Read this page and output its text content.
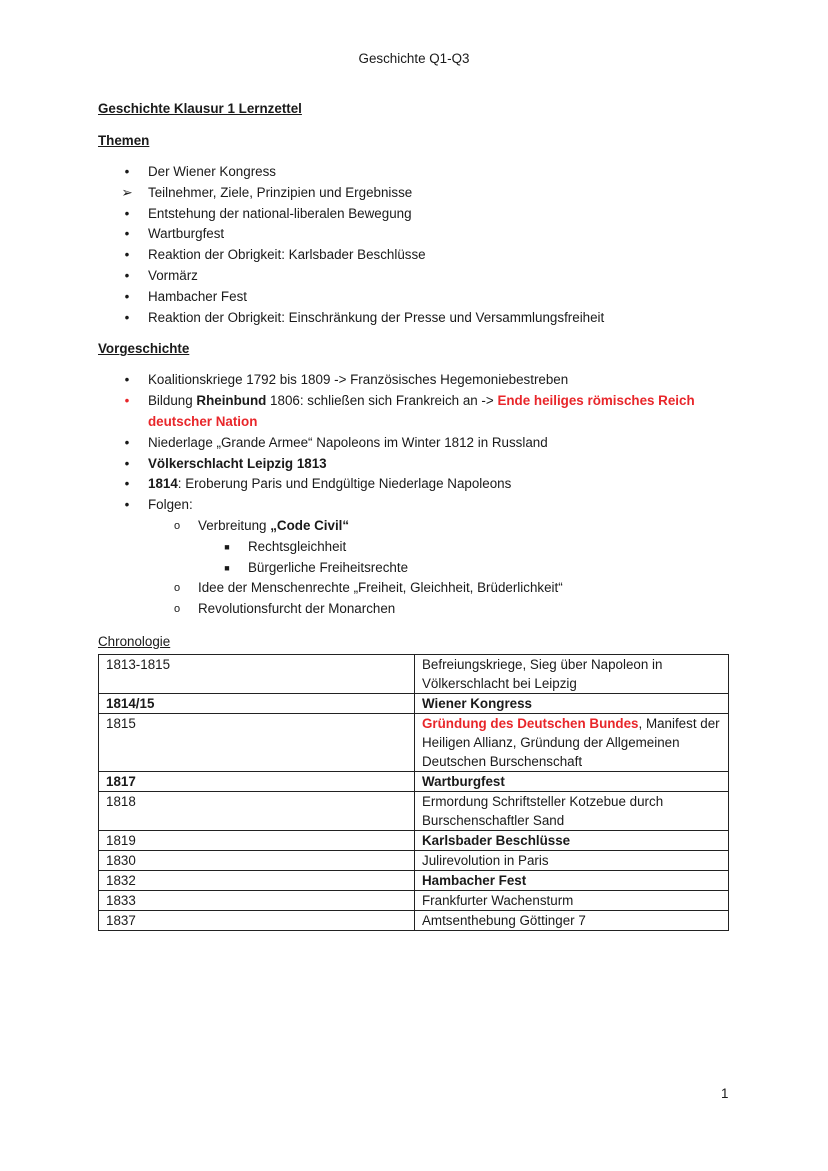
Geschichte Q1-Q3
Geschichte Klausur 1 Lernzettel
Themen
•	Der Wiener Kongress
➢ Teilnehmer, Ziele, Prinzipien und Ergebnisse
•	Entstehung der national-liberalen Bewegung
•	Wartburgfest
•	Reaktion der Obrigkeit: Karlsbader Beschlüsse
•	Vormärz
•	Hambacher Fest
•	Reaktion der Obrigkeit: Einschränkung der Presse und Versammlungsfreiheit
Vorgeschichte
•	Koalitionskriege 1792 bis 1809 -> Französisches Hegemoniebestreben
•	Bildung Rheinbund 1806: schließen sich Frankreich an -> Ende heiliges römisches Reich deutscher Nation
•	Niederlage „Grande Armee“ Napoleons im Winter 1812 in Russland
•	Völkerschlacht Leipzig 1813
•	1814: Eroberung Paris und Endgültige Niederlage Napoleons
•	Folgen:
o Verbreitung „Code Civil“
■	Rechtsgleichheit
■	Bürgerliche Freiheitsrechte
o Idee der Menschenrechte „Freiheit, Gleichheit, Brüderlichkeit“
o Revolutionsfurcht der Monarchen
Chronologie
1813-1815	Befreiungskriege, Sieg über Napoleon in Völkerschlacht bei Leipzig
1814/15	Wiener Kongress
1815	Gründung des Deutschen Bundes, Manifest der Heiligen Allianz, Gründung der Allgemeinen Deutschen Burschenschaft
1817	Wartburgfest
1818	Ermordung Schriftsteller Kotzebue durch Burschenschaftler Sand
1819	Karlsbader Beschlüsse
1830	Julirevolution in Paris
1832	Hambacher Fest
1833	Frankfurter Wachensturm
1837	Amtsenthebung Göttinger 7
1
